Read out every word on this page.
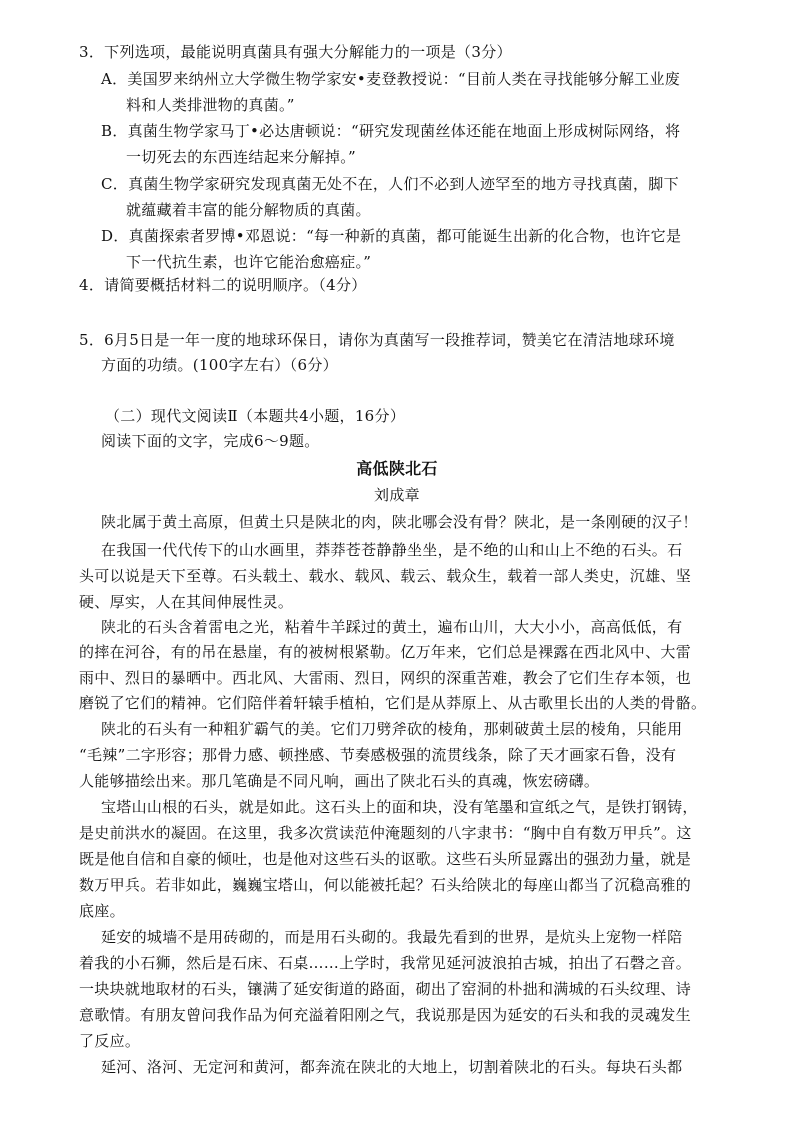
3．下列选项，最能说明真菌具有强大分解能力的一项是（3分）
A．美国罗来纳州立大学微生物学家安•麦登教授说：“目前人类在寻找能够分解工业废
料和人类排泄物的真菌。”
B．真菌生物学家马丁•必达唐顿说：“研究发现菌丝体还能在地面上形成树际网络，将
一切死去的东西连结起来分解掉。”
C．真菌生物学家研究发现真菌无处不在，人们不必到人迹罕至的地方寻找真菌，脚下
就蕴藏着丰富的能分解物质的真菌。
D．真菌探索者罗博•邓恩说：“每一种新的真菌，都可能诞生出新的化合物，也许它是
下一代抗生素，也许它能治愈癌症。”
4．请简要概括材料二的说明顺序。（4分）
5．6月5日是一年一度的地球环保日，请你为真菌写一段推荐词，赞美它在清洁地球环境
方面的功绩。(100字左右）（6分）
（二）现代文阅读Ⅱ（本题共4小题，16分）
阅读下面的文字，完成6～9题。
高低陕北石
刘成章
陕北属于黄土高原，但黄土只是陕北的肉，陕北哪会没有骨？陕北，是一条刚硬的汉子！
在我国一代代传下的山水画里，莽莽苍苍静静坐坐，是不绝的山和山上不绝的石头。石
头可以说是天下至尊。石头载土、载水、载风、载云、载众生，载着一部人类史，沉雄、坚
硬、厚实，人在其间伸展性灵。
陕北的石头含着雷电之光，粘着牛羊踩过的黄土，遍布山川，大大小小，高高低低，有
的摔在河谷，有的吊在悬崖，有的被树根紧勒。亿万年来，它们总是裸露在西北风中、大雷
雨中、烈日的暴晒中。西北风、大雷雨、烈日，网织的深重苦难，教会了它们生存本领，也
磨锐了它们的精神。它们陪伴着轩辕手植柏，它们是从莽原上、从古歌里长出的人类的骨骼。
陕北的石头有一种粗犷霸气的美。它们刀劈斧砍的棱角，那刺破黄土层的棱角，只能用
“毛辣”二字形容；那骨力感、顿挫感、节奏感极强的流贯线条，除了天才画家石鲁，没有
人能够描绘出来。那几笔确是不同凡响，画出了陕北石头的真魂，恢宏磅礴。
宝塔山山根的石头，就是如此。这石头上的面和块，没有笔墨和宣纸之气，是铁打钢铸，
是史前洪水的凝固。在这里，我多次赏读范仲淹题刻的八字隶书：“胸中自有数万甲兵”。这
既是他自信和自豪的倾吐，也是他对这些石头的讴歌。这些石头所显露出的强劲力量，就是
数万甲兵。若非如此，巍巍宝塔山，何以能被托起？石头给陕北的每座山都当了沉稳高雅的
底座。
延安的城墙不是用砖砌的，而是用石头砌的。我最先看到的世界，是炕头上宠物一样陪
着我的小石狮，然后是石床、石桌……上学时，我常见延河波浪拍古城，拍出了石磬之音。
一块块就地取材的石头，镶满了延安街道的路面，砌出了窑洞的朴拙和满城的石头纹理、诗
意歌情。有朋友曾问我作品为何充溢着阳刚之气，我说那是因为延安的石头和我的灵魂发生
了反应。
延河、洛河、无定河和黄河，都奔流在陕北的大地上，切割着陕北的石头。每块石头都
